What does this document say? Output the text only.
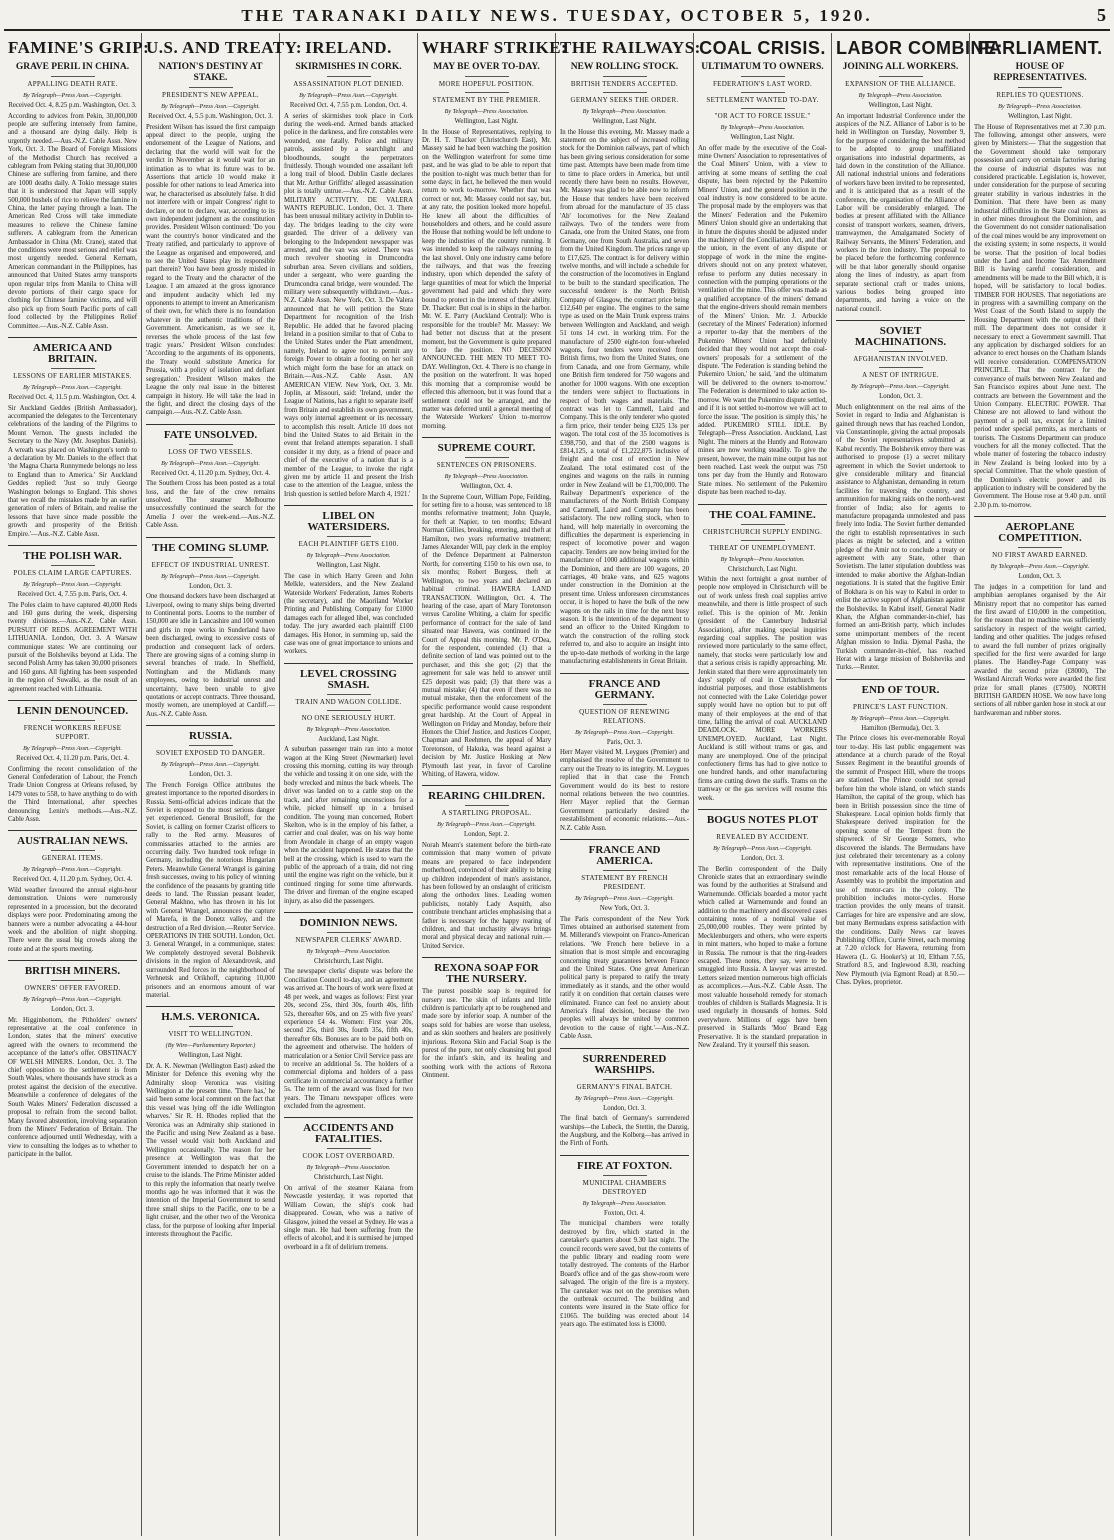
THE TARANAKI DAILY NEWS. TUESDAY, OCTOBER 5, 1920.	5
FAMINE'S GRIP:
GRAVE PERIL IN CHINA.
APPALLING DEATH RATE.
By Telegraph—Press Assn.—Copyright.
Received Oct. 4, 8.25 p.m. Washington, Oct. 3.

According to advices from Pekin, 30,000,000 people are suffering intensely from famine, and a thousand are dying daily. Help is urgently needed.—Aus.-N.Z. Cable Assn. New York, Oct. 3. The Board of Foreign Missions of the Methodist Church has received a cablegram from Peking stating that 30,000,000 Chinese are suffering from famine, and there are 1000 deaths daily. A Tokio message states that it is understood that Japan will supply 500,000 bushels of rice to relieve the famine in China, the latter paying through a loan. The American Red Cross will take immediate measures to relieve the Chinese famine sufferers. A cablegram from the American Ambassador in China (Mr. Crane), stated that the conditions were most serious and relief was most urgently needed. General Kernam, American commandant in the Philippines, has announced that United States army transports upon regular trips from Manila to China will devote portions of their cargo space for clothing for Chinese famine victims, and will also pick up from South Pacific ports of call food collected by the Philippines Relief Committee.—Aus.-N.Z. Cable Assn.

AMERICA AND BRITAIN.
LESSONS OF EARLIER MISTAKES.
By Telegraph—Press Assn.—Copyright.
Received Oct. 4, 11.5 p.m. Washington, Oct. 4.

Sir Auckland Geddes (British Ambassador), accompanied the delegates to the Tercentenary celebrations of the landing of the Pilgrims to Mount Vernon. The guests included the Secretary to the Navy (Mr. Josephus Daniels). A wreath was placed on Washington's tomb to a declaration by Mr. Daniels to the effect that 'the Magna Charta Runnymede belongs no less to England than to America.' Sir Auckland Geddes replied: 'Just so truly George Washington belongs to England. This shows that we recall the mistakes made by an earlier generation of rulers of Britain, and realise the lessons that have since made possible the growth and prosperity of the British Empire.'—Aus.-N.Z. Cable Assn.

THE POLISH WAR.
POLES CLAIM LARGE CAPTURES.
By Telegraph—Press Assn.—Copyright.
Received Oct. 4, 7.55 p.m. Paris, Oct. 4.

The Poles claim to have captured 40,000 Reds and 160 guns during the week, dispersing twenty divisions.—Aus.-N.Z. Cable Assn. PURSUIT OF REDS. AGREEMENT WITH LITHUANIA. London, Oct. 3. A Warsaw communique states: We are continuing our pursuit of the Bolsheviks beyond at Lida. The second Polish Army has taken 30,000 prisoners and 160 guns. All fighting has been suspended in the region of Suwalki, as the result of an agreement reached with Lithuania.

LENIN DENOUNCED.
FRENCH WORKERS REFUSE SUPPORT.
By Telegraph—Press Assn.—Copyright.
Received Oct. 4, 11.20 p.m. Paris, Oct. 4.

Confirming the recent consolidation of the General Confederation of Labour, the French Trade Union Congress at Orleans refused, by 1479 votes to 558, to have anything to do with the Third International, after speeches denouncing Lenin's methods.—Aus.-N.Z. Cable Assn.

AUSTRALIAN NEWS.
GENERAL ITEMS.
By Telegraph—Press Assn.—Copyright.
Received Oct. 4, 11.20 p.m. Sydney, Oct. 4.

Wild weather favoured the annual eight-hour demonstration. Unions were numerously represented in a procession, but the decorated displays were poor. Predominating among the banners were a number advocating a 44-hour week and the abolition of night shopping. There were the usual big crowds along the route and at the sports meeting.

BRITISH MINERS.
OWNERS' OFFER FAVORED.
By Telegraph—Press Assn.—Copyright.
London, Oct. 3.

Mr. Higginbottom, the Pitholders' owners' representative at the coal conference in London, states that the miners' executive agreed with the owners to recommend the acceptance of the latter's offer. OBSTINACY OF WELSH MINERS. London, Oct. 3. The chief opposition to the settlement is from South Wales, where thousands have struck as a protest against the decision of the executive. Meanwhile a conference of delegates of the South Wales Miners' Federation discussed a proposal to refrain from the second ballot. Many favored abstention, involving separation from the Miners' Federation of Britain. The conference adjourned until Wednesday, with a view to consulting the lodges as to whether to participate in the ballot.

U.S. AND TREATY:
NATION'S DESTINY AT STAKE.
PRESIDENT'S NEW APPEAL.
By Telegraph—Press Assn.—Copyright.
Received Oct. 4, 5.5 p.m. Washington, Oct. 3.

President Wilson has issued the first campaign appeal direct to the people, urging the endorsement of the League of Nations, and declaring that the world will wait for the verdict in November as it would wait for an intimation as to what its future was to be. Assertions that article 10 would make it possible for other nations to lead America into war, he characterised as absolutely false. It did not interfere with or impair Congress' right to declare, or not to declare, war, according to its own independent judgment as the constitution provides. President Wilson continued: 'Do you want the country's honor vindicated and the Treaty ratified, and particularly to approve of the League as organised and empowered, and to see the United States play its responsible part therein? You have been grossly misled in regard to the Treaty and the character of the League. I am amazed at the gross ignorance and impudent audacity which led my opponents to attempt to invent an Americanism of their own, for which there is no foundation whatever in the authentic traditions of the Government. Americanism, as we see it, reverses the whole process of the last few tragic years.' President Wilson concludes: 'According to the arguments of its opponents, the Treaty would substitute America for Prussia, with a policy of isolation and defiant segregation.' President Wilson makes the League the only real issue in the bitterest campaign in history. He will take the lead in the fight, and direct the closing days of the campaign.—Aus.-N.Z. Cable Assn.

FATE UNSOLVED.
LOSS OF TWO VESSELS.
By Telegraph—Press Assn.—Copyright.
Received Oct. 4, 11.20 p.m. Sydney, Oct. 4.

The Southern Cross has been posted as a total loss, and the fate of the crew remains unsolved. The steamer Melbourne unsuccessfully continued the search for the Amelia J over the week-end.—Aus.-N.Z. Cable Assn.

THE COMING SLUMP.
EFFECT OF INDUSTRIAL UNREST.
By Telegraph—Press Assn.—Copyright.
London, Oct. 3.

One thousand dockers have been discharged at Liverpool, owing to many ships being diverted to Continental ports. Looms to the number of 150,000 are idle in Lancashire and 100 women and girls in rope works in Sunderland have been discharged, owing to excessive costs of production and consequent lack of orders. There are growing signs of a coming slump in several branches of trade. In Sheffield, Nottingham and the Midlands many employees, owing to industrial unrest and uncertainty, have been unable to give quotations or accept contracts. Three thousand, mostly women, are unemployed at Cardiff.—Aus.-N.Z. Cable Assn.

RUSSIA.
SOVIET EXPOSED TO DANGER.
By Telegraph—Press Assn.—Copyright.
London, Oct. 3.

The French Foreign Office attributes the greatest importance to the reported disorders in Russia. Semi-official advices indicate that the Soviet is exposed to the most serious danger yet experienced. General Brusiloff, for the Soviet, is calling on former Czarist officers to rally to the Red army. Measures of commissaries attached to the armies are occurring daily. Two hundred took refuge in Germany, including the notorious Hungarian Peters. Meanwhile General Wrangel is gaining fresh successes, owing to his policy of winning the confidence of the peasants by granting title deeds to land. The Russian peasant leader, General Makhno, who has thrown in his lot with General Wrangel, announces the capture of Marefa, in the Donetz valley, and the destruction of a Red division.—Reuter Service. OPERATIONS IN THE SOUTH. London, Oct. 3. General Wrangel, in a communique, states: We completely destroyed several Bolshevik divisions in the region of Alexandrovsk, and surrounded Red forces in the neighborhood of Verhnetsk and Orikhoff, capturing 10,000 prisoners and an enormous amount of war material.

H.M.S. VERONICA.
VISIT TO WELLINGTON.
(By Wire—Parliamentary Reporter.)
Wellington, Last Night.

Dr. A. K. Newman (Wellington East) asked the Minister for Defence this evening why the Admiralty sloop Veronica was visiting Wellington at the present time. 'There has,' he said 'been some local comment on the fact that this vessel was lying off the idle Wellington wharves.' Sir R. H. Rhodes replied that the Veronica was an Admiralty ship stationed in the Pacific and using New Zealand as a base. The vessel would visit both Auckland and Wellington occasionally. The reason for her presence at Wellington was that the Government intended to despatch her on a cruise to the islands. The Prime Minister added to this reply the information that nearly twelve months ago he was informed that it was the intention of the Imperial Government to send three small ships to the Pacific, one to be a light cruiser, and the other two of the Veronica class, for the purpose of looking after Imperial interests throughout the Pacific.

IRELAND.
SKIRMISHES IN CORK.
ASSASSINATION PLOT DENIED.
By Telegraph—Press Assn.—Copyright.
Received Oct. 4, 7.55 p.m. London, Oct. 4.

A series of skirmishes took place in Cork during the week-end. Armed bands attacked police in the darkness, and fire constables were wounded, one fatally. Police and military patrols, assisted by a searchlight and bloodhounds, sought the perpetrators fruitlessly. Though wounded one assailant left a long trail of blood. Dublin Castle declares that Mr. Arthur Griffiths' alleged assassination plot is totally untrue.—Aus.-N.Z. Cable Assn. MILITARY ACTIVITY. DE VALERA WANTS REPUBLIC. London, Oct. 3. There has been unusual military activity in Dublin to-day. The bridges leading to the city were guarded. The driver of a delivery van belonging to the Independent newspaper was arrested, and the van was seized. There was much revolver shooting in Drumcondra suburban area. Seven civilians and soldiers, under a sergeant, who were guarding the Drumcondra canal bridge, were wounded. The military were subsequently withdrawn.—Aus.-N.Z. Cable Assn. New York, Oct. 3. De Valera announced that he will petition the State Department for recognition of the Irish Republic. He added that he favored placing Ireland in a position similar to that of Cuba to the United States under the Platt amendment, namely, Ireland to agree not to permit any foreign Power to obtain a footing on her soil which might form the base for an attack on Britain.—Aus.-N.Z. Cable Assn. AN AMERICAN VIEW. New York, Oct. 3. Mr. Joplin, at Missouri, said: 'Ireland, under the League of Nations, has a right to separate itself from Britain and establish its own government, ways only internal agreement or its necessary to accomplish this result. Article 10 does not bind the United States to aid Britain in the event that Ireland attempts separation. I shall consider it my duty, as a friend of peace and chief of the executive of a nation that is a member of the League, to invoke the right given me by article 11 and present the Irish case to the attention of the League, unless the Irish question is settled before March 4, 1921.'

LIBEL ON WATERSIDERS.
EACH PLAINTIFF GETS £100.
By Telegraph—Press Association.
Wellington, Last Night.

The case in which Harry Green and John Melkle, watersiders, and the New Zealand Waterside Workers' Federation, James Roberts (the secretary), and the Maoriland Worker Printing and Publishing Company for £1000 damages each for alleged libel, was concluded today. The jury awarded each plaintiff £100 damages. His Honor, in summing up, said the case was one of great importance to unions and workers.

LEVEL CROSSING SMASH.
TRAIN AND WAGON COLLIDE.
NO ONE SERIOUSLY HURT.
By Telegraph—Press Association.
Auckland, Last Night.

A suburban passenger train ran into a motor wagon at the King Street (Newmarket) level crossing this morning, cutting its way through the vehicle and tossing it on one side, with the body wrecked and minus the back wheels. The driver was landed on to a cattle stop on the track, and after remaining unconscious for a while, picked himself up in a bruised condition. The young man concerned, Robert Skelton, who is in the employ of his father, a carrier and coal dealer, was on his way home from Avondale in charge of an empty wagon when the accident happened. He states that the bell at the crossing, which is used to warn the public of the approach of a train, did not ring until the engine was right on the vehicle, but it continued ringing for some time afterwards. The driver and fireman of the engine escaped injury, as also did the passengers.

DOMINION NEWS.
NEWSPAPER CLERKS' AWARD.
By Telegraph—Press Association.
Christchurch, Last Night.

The newspaper clerks' dispute was before the Conciliation Council to-day, and an agreement was arrived at. The hours of work were fixed at 48 per week, and wages as follows: First year 20s, second 25s, third 30s, fourth 40s, fifth 52s, thereafter 60s, and on 25 with five years' experience £4 4s. Women: First year 20s, second 25s, third 30s, fourth 35s, fifth 40s, thereafter 60s. Bonuses are to be paid both on the agreement and otherwise. The holders of matriculation or a Senior Civil Service pass are to receive an additional 5s. The holders of a commercial diploma and holders of a pass certificate in commercial accountancy a further 5s. The term of the award was fixed for two years. The Timaru newspaper offices were excluded from the agreement.

ACCIDENTS AND FATALITIES.
COOK LOST OVERBOARD.
By Telegraph—Press Association.
Christchurch, Last Night.

On arrival of the steamer Kaiana from Newcastle yesterday, it was reported that William Cowan, the ship's cook had disappeared. Cowan, who was a native of Glasgow, joined the vessel at Sydney. He was a single man. He had been suffering from the effects of alcohol, and it is surmised he jumped overboard in a fit of delirium tremens.

WHARF STRIKE:
MAY BE OVER TO-DAY.
MORE HOPEFUL POSITION.
STATEMENT BY THE PREMIER.
By Telegraph—Press Association.
Wellington, Last Night.

In the House of Representatives, replying to Dr. H. T. Thacker (Christchurch East), Mr. Massey said he had been watching the position on the Wellington waterfront for some time past, and he was glad to be able to report that the position to-night was much better than for some days; in fact, he believed the men would return to work to-morrow. Whether that was correct or not, Mr. Massey could not say, but, at any rate, the position looked more hopeful. He knew all about the difficulties of householders and others, and he could assure the House that nothing would be left undone to keep the industries of the country running. It was intended to keep the railways running to the last shovel. Only one industry came before the railways, and that was the freezing industry, upon which depended the safety of large quantities of meat for which the Imperial government had paid and which they were bound to protect in the interest of their ability. Dr. Thacker: But coal is in ships in the harbor. Mr. W. E. Parry (Auckland Central): Who is responsible for the trouble? Mr. Massey: We had better not discuss that at the present moment, but the Government is quite prepared to face the position. NO DECISION ANNOUNCED. THE MEN TO MEET TO-DAY. Wellington, Oct. 4. There is no change in the position on the waterfront. It was hoped this morning that a compromise would be effected this afternoon, but it was found that a settlement could not be arranged, and the matter was deferred until a general meeting of the Waterside Workers' Union to-morrow morning.

SUPREME COURT.
SENTENCES ON PRISONERS.
By Telegraph—Press Association.
Wellington, Oct. 4.

In the Supreme Court, William Pope, Feilding, for setting fire to a house, was sentenced to 18 months reformative treatment; John Quayle, for theft at Napier, to ten months; Edward Norman Gillies, breaking, entering, and theft at Hamilton, two years reformative treatment; James Alexander Will, pay clerk in the employ of the Defence Department at Palmerston North, for converting £150 to his own use, to six months; Robert Burgess, theft at Wellington, to two years and declared an habitual criminal. HAWERA LAND TRANSACTION. Wellington, Oct. 4. The hearing of the case, apart of Mary Toretonson versus Caroline Whiting, a claim for specific performance of contract for the sale of land situated near Hawera, was continued in the Court of Appeal this morning. Mr. P. O'Dea, for the respondent, contended (1) that a definite section of land was pointed out to the purchaser, and this she got; (2) that the agreement for sale was held to answer until £25 deposit was paid; (3) that there was a mutual mistake; (4) that even if there was no mutual mistake, then the enforcement of the specific performance would cause respondent great hardship. At the Court of Appeal in Wellington on Friday and Monday, before their Honors the Chief Justice, and Justices Cooper, Chapman and Reehmen, the appeal of Mary Toretonson, of Hakuka, was heard against a decision by Mr. Justice Hosking at New Plymouth last year, in favor of Caroline Whiting, of Hawera, widow.

REARING CHILDREN.
A STARTLING PROPOSAL.
By Telegraph—Press Assn.—Copyright.
London, Sept. 2.

Norah Mearn's statement before the birth-rate commission that many women of private means are prepared to face independent motherhood, convinced of their ability to bring up children independent of man's assistance, has been followed by an onslaught of criticism along the orthodox lines. Leading women publicists, notably Lady Asquith, also contribute trenchant articles emphasising that a father is necessary for the happy rearing of children, and that unchastity always brings moral and physical decay and national ruin.—United Service.

REXONA SOAP FOR THE NURSERY.

The purest possible soap is required for nursery use. The skin of infants and little children is particularly apt to be roughened and made sore by inferior soap. A number of the soaps sold for babies are worse than useless, and as skin soothers and healers are positively injurious. Rexona Skin and Facial Soap is the purest of the pure, not only cleansing but good for the infant's skin, and its healing and soothing work with the actions of Rexona Ointment.

THE RAILWAYS:
NEW ROLLING STOCK.
BRITISH TENDERS ACCEPTED.
GERMANY SEEKS THE ORDER.
By Telegraph—Press Association.
Wellington, Last Night.

In the House this evening, Mr. Massey made a statement on the subject of increased rolling stock for the Dominion railways, part of which has been giving serious consideration for some time past. Attempts have been made from time to time to place orders in America, but until recently there have been no results. However, Mr. Massey was glad to be able now to inform the House that tenders have been received from abroad for the manufacture of 35 class 'Ab' locomotives for the New Zealand railways. Two of the tenders were from Canada, one from the United States, one from Germany, one from South Australia, and seven from the United Kingdom. The prices range up to £17,625. The contract is for delivery within twelve months, and will include a schedule for the construction of the locomotives in England to be built to the standard specification. The successful tenderer is the North British Company of Glasgow, the contract price being £12,640 per engine. The engines to the same type as used on the Main Trunk express trains between Wellington and Auckland, and weigh 51 tons 14 cwt. in working trim. For the manufacture of 2500 eight-ton four-wheeled wagons, four tenders were received from British firms, two from the United States, one from Canada, and one from Germany, while one British firm tendered for 750 wagons and another for 1000 wagons. With one exception the tenders were subject to fluctuations in respect of both wages and materials. The contract was let to Cammell, Laird and Company. This is the only tenderer who quoted a firm price, their tender being £325 13s per wagon. The total cost of the 35 locomotives is £398,750, and that of the 2500 wagons is £814,125, a total of £1,222,875 inclusive of freight and the cost of erection in New Zealand. The total estimated cost of the engines and wagons on the rails in running order in New Zealand will be £1,700,000. The Railway Department's experience of the manufacturers of the North British Company and Cammell, Laird and Company has been satisfactory. The new rolling stock, when to hand, will help materially in overcoming the difficulties the department is experiencing in respect of locomotive power and wagon capacity. Tenders are now being invited for the manufacture of 1000 additional wagons within the Dominion, and there are 100 wagons, 20 carriages, 40 brake vans, and 625 wagons under construction in the Dominion at the present time. Unless unforeseen circumstances occur, it is hoped to have the bulk of the new wagons on the rails in time for the next busy season. It is the intention of the department to send an officer to the United Kingdom to watch the construction of the rolling stock referred to, and also to acquire an insight into the up-to-date methods of working in the large manufacturing establishments in Great Britain.

FRANCE AND GERMANY.
QUESTION OF RENEWING RELATIONS.
By Telegraph—Press Assn.—Copyright.
Paris, Oct. 3.

Herr Mayer visited M. Leygues (Premier) and emphasised the resolve of the Government to carry out the Treaty to its integrity. M. Leygues replied that in that case the French Government would do its best to restore normal relations between the two countries. Herr Mayer replied that the German Government particularly desired the reestablishment of economic relations.—Aus.-N.Z. Cable Assn.

FRANCE AND AMERICA.
STATEMENT BY FRENCH PRESIDENT.
By Telegraph—Press Assn.—Copyright.
New York, Oct. 3.

The Paris correspondent of the New York Times obtained an authorised statement from M. Millerand's viewpoint on Franco-American relations. 'We French here believe in a situation that is most simple and encouraging concerning treaty guarantees between France and the United States. One great American political party is prepared to ratify the treaty immediately as it stands, and the other would ratify it on condition that certain clauses were eliminated. France can feel no anxiety about America's final decision, because the two peoples will always be united by common devotion to the cause of right.'—Aus.-N.Z. Cable Assn.

SURRENDERED WARSHIPS.
GERMANY'S FINAL BATCH.
By Telegraph—Press Assn.—Copyright.
London, Oct. 3.

The final batch of Germany's surrendered warships—the Lubeck, the Stettin, the Danzig, the Augsburg, and the Kolberg—has arrived in the Firth of Forth.

FIRE AT FOXTON.
MUNICIPAL CHAMBERS DESTROYED
By Telegraph—Press Association.
Foxton, Oct. 4.

The municipal chambers were totally destroyed by fire, which started in the caretaker's quarters about 9.30 last night. The council records were saved, but the contents of the public library and reading room were totally destroyed. The contents of the Harbor Board's office and of the gas show-room were salvaged. The origin of the fire is a mystery. The caretaker was not on the premises when the outbreak occurred. The building and contents were insured in the State office for £1065. The building was erected about 14 years ago. The estimated loss is £3000.

COAL CRISIS.
ULTIMATUM TO OWNERS.
FEDERATION'S LAST WORD.
SETTLEMENT WANTED TO-DAY.
"OR ACT TO FORCE ISSUE."
By Telegraph—Press Association.
Wellington, Last Night.

An offer made by the executive of the Coal-mine Owners' Association to representatives of the Coal Miners' Union, with a view to arriving at some means of settling the coal dispute, has been rejected by the Pukemiro Miners' Union, and the general position in the coal industry is now considered to be acute. The proposal made by the employers was that the Miners' Federation and the Pukemiro Miners' Union should give an undertaking that in future the disputes should be adjusted under the machinery of the Conciliation Act, and that the union, in the event of any dispute or stoppage of work in the mine the engine-drivers should not on any pretext whatever, refuse to perform any duties necessary in connection with the pumping operations or the ventilation of the mine. This offer was made as a qualified acceptance of the miners' demand that the engine-drivers should remain members of the Miners' Union. Mr. J. Arbuckle (secretary of the Miners' Federation) informed a reporter to-day that the members of the Pukemiro Miners' Union had definitely decided that they would not accept the coal-owners' proposals for a settlement of the dispute. 'The Federation is standing behind the Pukemiro Union,' he said, 'and the ultimatum will be delivered to the owners to-morrow.' The Federation is determined to take action to-morrow. We want the Pukemiro dispute settled, and if it is not settled to-morrow we will act to force the issue. 'The position is simply this,' he added. PUKEMIRO STILL IDLE. By Telegraph—Press Association. Auckland, Last Night. The miners at the Huntly and Rotowaro mines are now working steadily. To give the present, however, the main mine output has not been reached. Last week the output was 750 tons per day from the Huntly and Rotowaro State mines. No settlement of the Pukemiro dispute has been reached to-day.

THE COAL FAMINE.
CHRISTCHURCH SUPPLY ENDING.
THREAT OF UNEMPLOYMENT.
By Telegraph—Press Association.
Christchurch, Last Night.

Within the next fortnight a great number of people now employed in Christchurch will be out of work unless fresh coal supplies arrive meanwhile, and there is little prospect of such relief. This is the opinion of Mr. Jenkin (president of the Canterbury Industrial Association), after making special inquiries regarding coal supplies. The position was reviewed more particularly to the same effect, namely, that stocks were particularly low and that a serious crisis is rapidly approaching. Mr. Jenkin stated that there were approximately ten days' supply of coal in Christchurch for industrial purposes, and those establishments not connected with the Lake Coleridge power supply would have no option but to put off many of their employees at the end of that time, falling the arrival of coal. AUCKLAND DEADLOCK. MORE WORKERS UNEMPLOYED. Auckland, Last Night. Auckland is still without trams or gas, and many are unemployed. One of the principal confectionery firms has had to give notice to one hundred hands, and other manufacturing firms are cutting down the staffs. Trams on the tramway or the gas services will resume this week.

BOGUS NOTES PLOT
REVEALED BY ACCIDENT.
By Telegraph—Press Assn.—Copyright.
London, Oct. 3.

The Berlin correspondent of the Daily Chronicle states that an extraordinary swindle was found by the authorities at Stralsund and Warnemunde. Officials boarded a motor yacht which called at Warnemunde and found an addition to the machinery and discovered cases containing notes of a nominal value of 25,000,000 roubles. They were printed by Mecklenburgers and others, who were experts in mint matters, who hoped to make a fortune in Russia. The rumour is that the ring-leaders escaped. These notes, they say, were to be smuggled into Russia. A lawyer was arrested. Letters seized mention numerous high officials as accomplices.—Aus.-N.Z. Cable Assn. The most valuable household remedy for stomach troubles of children is Stallards Magnesia. It is used regularly in thousands of homes. Sold everywhere. Millions of eggs have been preserved in Stallards 'Moo' Brand Egg Preservative. It is the standard preparation in New Zealand. Try it yourself this season.

LABOR COMBINE:
JOINING ALL WORKERS.
EXPANSION OF THE ALLIANCE.
By Telegraph—Press Association.
Wellington, Last Night.

An important Industrial Conference under the auspices of the N.Z. Alliance of Labor is to be held in Wellington on Tuesday, November 9, for the purpose of considering the best method to be adopted to group unaffiliated organisations into industrial departments, as laid down in the constitution of the Alliance. All national industrial unions and federations of workers have been invited to be represented, and it is anticipated that as a result of the conference, the organisation of the Alliance of Labor will be considerably enlarged. The bodies at present affiliated with the Alliance consist of transport workers, seamen, drivers, tramwaymen, the Amalgamated Society of Railway Servants, the Miners' Federation, and workers in the iron industry. The proposal to be placed before the forthcoming conference will be that labor generally should organise along the lines of industry, as apart from separate sectional craft or trades unions, various bodies being grouped into departments, and having a voice on the national council.

SOVIET MACHINATIONS.
AFGHANISTAN INVOLVED.
A NEST OF INTRIGUE.
By Telegraph—Press Assn.—Copyright.
London, Oct. 3.

Much enlightenment on the real aims of the Soviet in regard to India and Afghanistan is gained through news that has reached London, via Constantinople, giving the actual proposals of the Soviet representatives submitted at Kabul recently. The Bolshevik envoy there was authorised to propose (1) a secret military agreement in which the Soviet undertook to give considerable military and financial assistance to Afghanistan, demanding in return facilities for traversing the country, and ammunition for making raids on the north-west frontier of India; also for agents to manufacture propaganda unmolested and pass freely into India. The Soviet further demanded the right to establish representatives in such places as might be selected, and a written pledge of the Amir not to conclude a treaty or agreement with any State, other than Sovietism. The latter stipulation doubtless was intended to make abortive the Afghan-Indian negotiations. It is stated that the fugitive Emir of Bokhara is on his way to Kabul in order to enlist the active support of Afghanistan against the Bolsheviks. In Kabul itself, General Nadir Khan, the Afghan commander-in-chief, has formed an anti-British party, which includes some unimportant members of the recent Afghan mission to India. Djemal Pasha, the Turkish commander-in-chief, has reached Herat with a large mission of Bolsheviks and Turks.—Reuter.

END OF TOUR.
PRINCE'S LAST FUNCTION.
By Telegraph—Press Assn.—Copyright.
Hamilton (Bermuda), Oct. 3.

The Prince closes his ever-memorable Royal tour to-day. His last public engagement was attendance at a church parade of the Royal Sussex Regiment in the beautiful grounds of the summit of Prospect Hill, where the troops are stationed. The Prince could not spread before him the whole island, on which stands Hamilton, the capital of the group, which has been in British possession since the time of Shakespeare. Local opinion holds firmly that Shakespeare derived inspiration for the opening scene of the Tempest from the shipwreck of Sir George Somers, who discovered the islands. The Bermudans have just celebrated their tercentenary as a colony with representative institutions. One of the most remarkable acts of the local House of Assembly was to prohibit the importation and use of motor-cars in the colony. The prohibition includes motor-cycles. Horse traction provides the only means of transit. Carriages for hire are expensive and are slow, but many Bermudans express satisfaction with the conditions. Daily News car leaves Publishing Office, Currie Street, each morning at 7.20 o'clock for Hawera, returning from Hawera (L. G. Hooker's) at 10, Eltham 7.55, Stratford 8.5, and Inglewood 8.30, reaching New Plymouth (via Egmont Road) at 8.50.—Chas. Dykes, proprietor.

PARLIAMENT.
HOUSE OF REPRESENTATIVES.
REPLIES TO QUESTIONS.
By Telegraph—Press Association.
Wellington, Last Night.

The House of Representatives met at 7.30 p.m. The following, amongst other answers, were given by Ministers:— That the suggestion that the Government should take temporary possession and carry on certain factories during the course of industrial disputes was not considered practicable. Legislation is, however, under consideration for the purpose of securing greater stability in various industries in the Dominion. That there have been as many industrial difficulties in the State coal mines as in other mines throughout the Dominion, and the Government do not consider nationalisation of the coal mines would be any improvement on the existing system; in some respects, it would be worse. That the position of local bodies under the Land and Income Tax Amendment Bill is having careful consideration, and amendments will be made to the Bill which, it is hoped, will be satisfactory to local bodies. TIMBER FOR HOUSES. That negotiations are in progress with a sawmilling company on the West Coast of the South Island to supply the Housing Department with the output of their mill. The department does not consider it necessary to erect a Government sawmill. That any application by discharged soldiers for an advance to erect houses on the Chatham Islands will receive consideration. COMPENSATION PRINCIPLE. That the contract for the conveyance of mails between New Zealand and San Francisco expires about June next. The contracts are between the Government and the Union Company. ELECTRIC POWER. That Chinese are not allowed to land without the payment of a poll tax, except for a limited period under special permits, as merchants or tourists. The Customs Department can produce vouchers for all the money collected. That the whole matter of fostering the tobacco industry in New Zealand is being looked into by a special Committee. That the whole question of the Dominion's electric power and its application to industry will be considered by the Government. The House rose at 9.40 p.m. until 2.30 p.m. to-morrow.

AEROPLANE COMPETITION.
NO FIRST AWARD EARNED.
By Telegraph—Press Assn.—Copyright.
London, Oct. 3.

The judges in a competition for land and amphibian aeroplanes organised by the Air Ministry report that no competitor has earned the first award of £10,000 in the competition, for the reason that no machine was sufficiently satisfactory in respect of the weight carried, landing and other qualities. The judges refused to award the full number of prizes originally specified for the first were awarded for large planes. The Handley-Page Company was awarded the second prize (£8000), The Westland Aircraft Works were awarded the first prize for small planes (£7500). NORTH BRITISH GARDEN HOSE. We now have long sections of all rubber garden hose in stock at our hardwareman and rubber stores.
